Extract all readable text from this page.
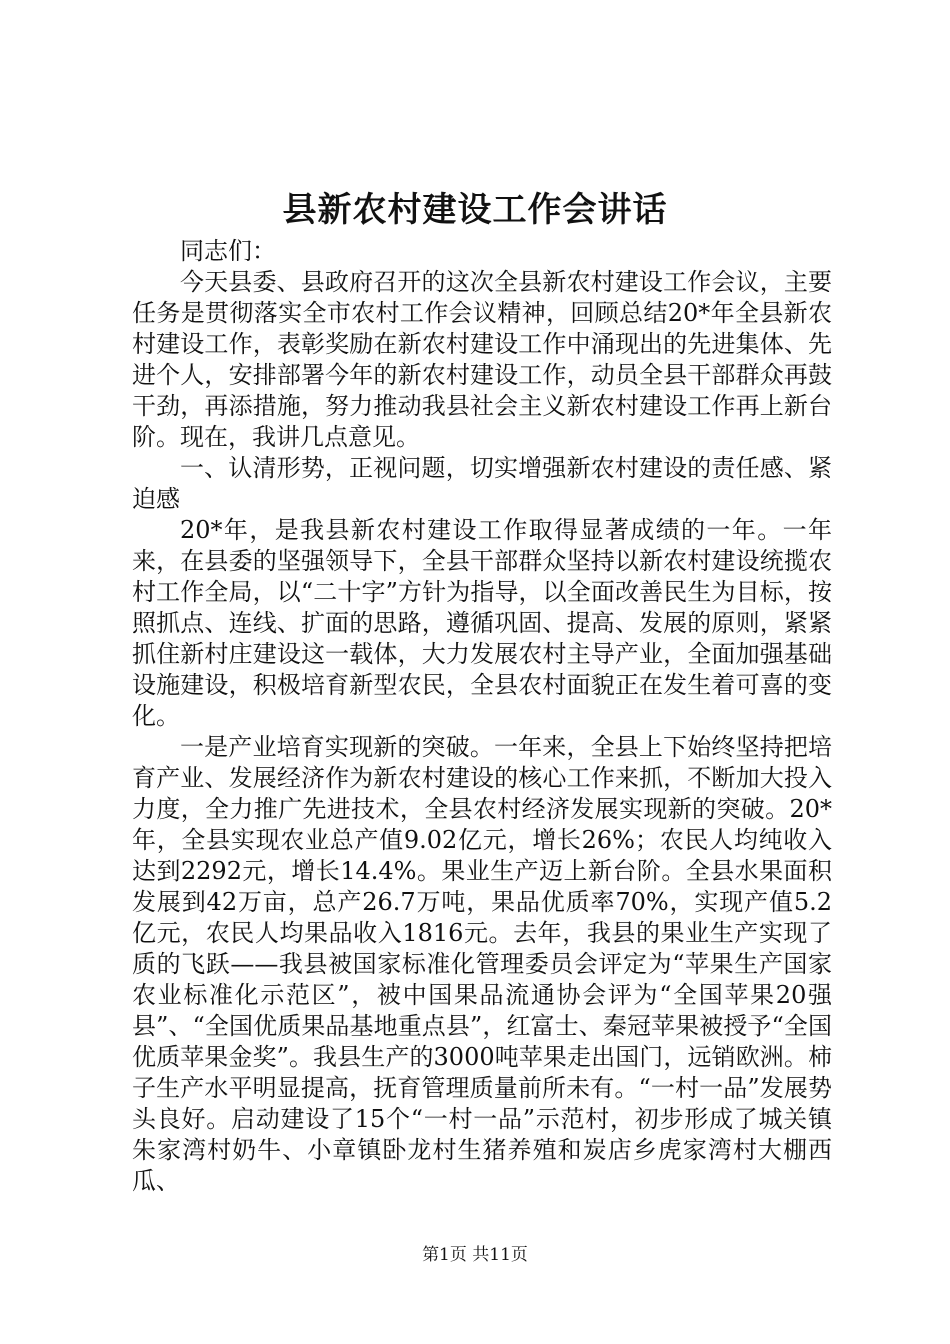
县新农村建设工作会讲话

同志们：

今天县委、县政府召开的这次全县新农村建设工作会议，主要任务是贯彻落实全市农村工作会议精神，回顾总结20*年全县新农村建设工作，表彰奖励在新农村建设工作中涌现出的先进集体、先进个人，安排部署今年的新农村建设工作，动员全县干部群众再鼓干劲，再添措施，努力推动我县社会主义新农村建设工作再上新台阶。现在，我讲几点意见。

一、认清形势，正视问题，切实增强新农村建设的责任感、紧迫感

20*年，是我县新农村建设工作取得显著成绩的一年。一年来，在县委的坚强领导下，全县干部群众坚持以新农村建设统揽农村工作全局，以“二十字”方针为指导，以全面改善民生为目标，按照抓点、连线、扩面的思路，遵循巩固、提高、发展的原则，紧紧抓住新村庄建设这一载体，大力发展农村主导产业，全面加强基础设施建设，积极培育新型农民，全县农村面貌正在发生着可喜的变化。

一是产业培育实现新的突破。一年来，全县上下始终坚持把培育产业、发展经济作为新农村建设的核心工作来抓，不断加大投入力度，全力推广先进技术，全县农村经济发展实现新的突破。20*年，全县实现农业总产值9.02亿元，增长26%；农民人均纯收入达到2292元，增长14.4%。果业生产迈上新台阶。全县水果面积发展到42万亩，总产26.7万吨，果品优质率70%，实现产值5.2亿元，农民人均果品收入1816元。去年，我县的果业生产实现了质的飞跃——我县被国家标准化管理委员会评定为“苹果生产国家农业标准化示范区”，被中国果品流通协会评为“全国苹果20强县”、“全国优质果品基地重点县”，红富士、秦冠苹果被授予“全国优质苹果金奖”。我县生产的3000吨苹果走出国门，远销欧洲。柿子生产水平明显提高，抚育管理质量前所未有。“一村一品”发展势头良好。启动建设了15个“一村一品”示范村，初步形成了城关镇朱家湾村奶牛、小章镇卧龙村生猪养殖和炭店乡虎家湾村大棚西瓜、

第1页 共11页
